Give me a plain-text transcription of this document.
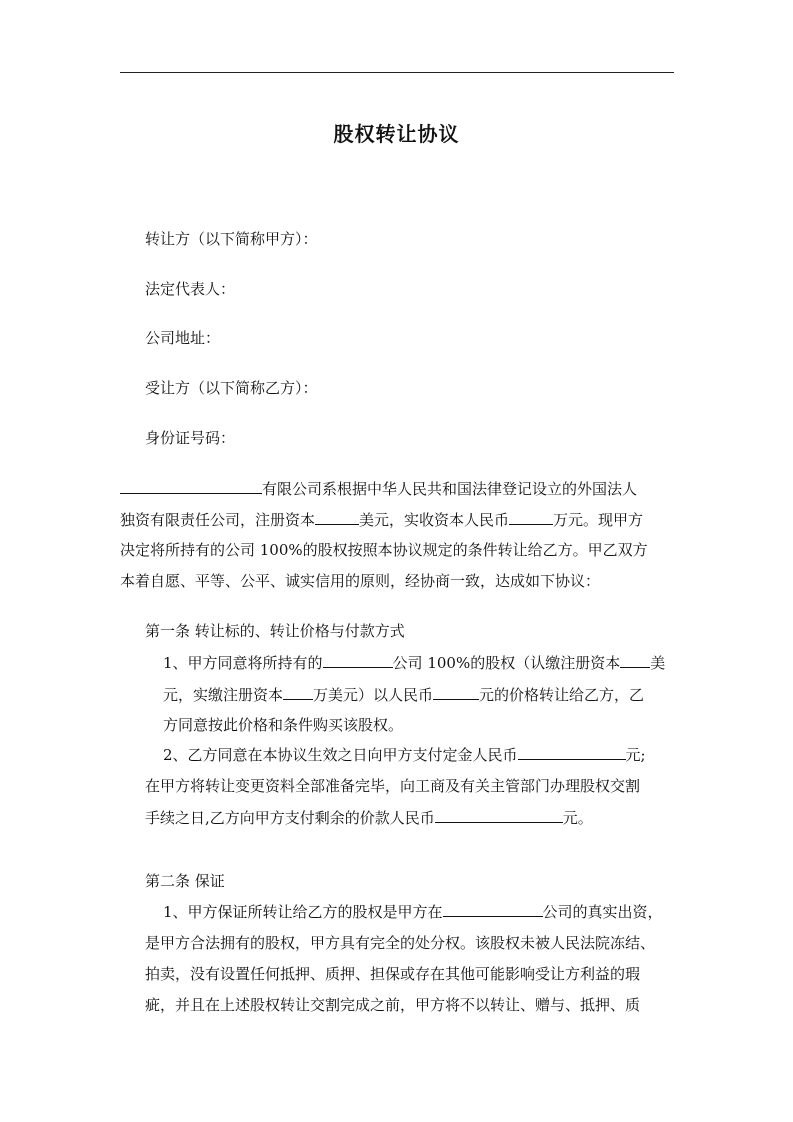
股权转让协议
转让方（以下简称甲方）：
法定代表人：
公司地址：
受让方（以下简称乙方）：
身份证号码：
有限公司系根据中华人民共和国法律登记设立的外国法人
独资有限责任公司，注册资本	美元，实收资本人民币	万元。现甲方
决定将所持有的公司 100%的股权按照本协议规定的条件转让给乙方。甲乙双方
本着自愿、平等、公平、诚实信用的原则，经协商一致，达成如下协议：
第一条 转让标的、转让价格与付款方式
1、甲方同意将所持有的	公司 100%的股权（认缴注册资本 美
元，实缴注册资本 万美元）以人民币	元的价格转让给乙方，乙
方同意按此价格和条件购买该股权。
2、乙方同意在本协议生效之日向甲方支付定金人民币	元;
在甲方将转让变更资料全部准备完毕，向工商及有关主管部门办理股权交割
手续之日,乙方向甲方支付剩余的价款人民币	元。
第二条 保证
1、甲方保证所转让给乙方的股权是甲方在	公司的真实出资，
是甲方合法拥有的股权，甲方具有完全的处分权。该股权未被人民法院冻结、
拍卖，没有设置任何抵押、质押、担保或存在其他可能影响受让方利益的瑕
疵，并且在上述股权转让交割完成之前，甲方将不以转让、赠与、抵押、质
